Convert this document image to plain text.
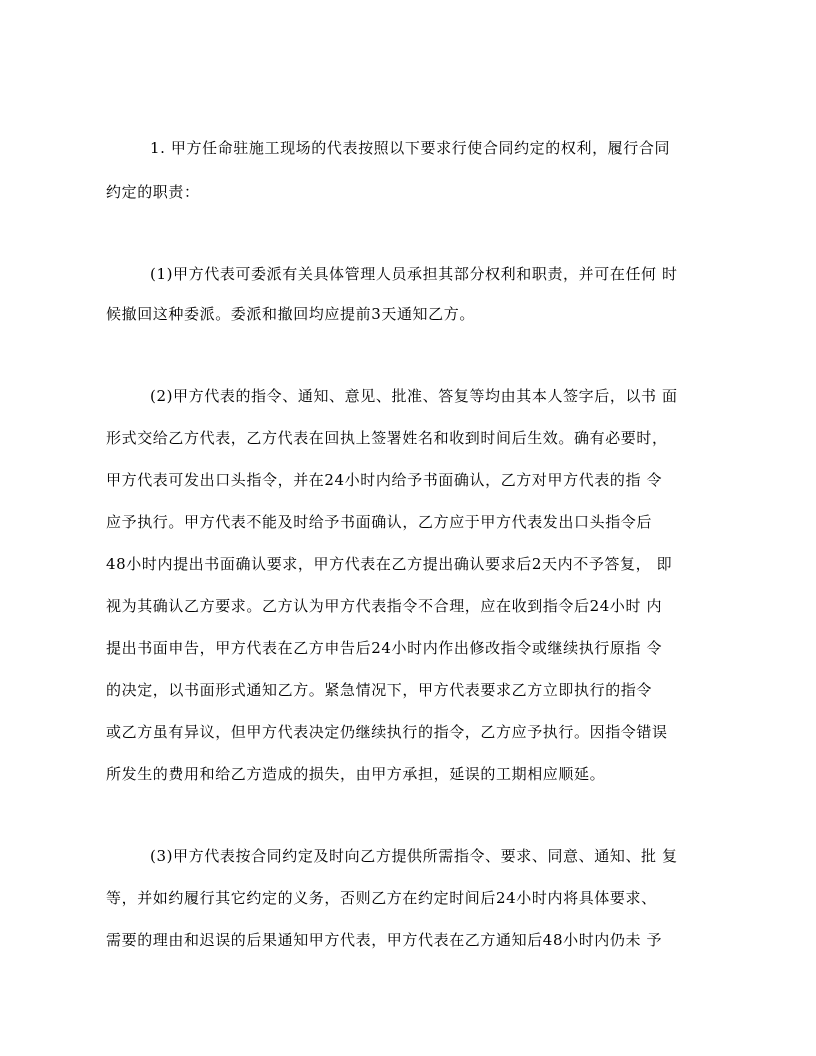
1. 甲方任命驻施工现场的代表按照以下要求行使合同约定的权利，履行合同
约定的职责：
(1)甲方代表可委派有关具体管理人员承担其部分权利和职责，并可在任何 时
候撤回这种委派。委派和撤回均应提前3天通知乙方。
(2)甲方代表的指令、通知、意见、批准、答复等均由其本人签字后，以书 面
形式交给乙方代表，乙方代表在回执上签署姓名和收到时间后生效。确有必要时，
甲方代表可发出口头指令，并在24小时内给予书面确认，乙方对甲方代表的指 令
应予执行。甲方代表不能及时给予书面确认，乙方应于甲方代表发出口头指令后
48小时内提出书面确认要求，甲方代表在乙方提出确认要求后2天内不予答复， 即
视为其确认乙方要求。乙方认为甲方代表指令不合理，应在收到指令后24小时 内
提出书面申告，甲方代表在乙方申告后24小时内作出修改指令或继续执行原指 令
的决定，以书面形式通知乙方。紧急情况下，甲方代表要求乙方立即执行的指令
或乙方虽有异议，但甲方代表决定仍继续执行的指令，乙方应予执行。因指令错误
所发生的费用和给乙方造成的损失，由甲方承担，延误的工期相应顺延。
(3)甲方代表按合同约定及时向乙方提供所需指令、要求、同意、通知、批 复
等，并如约履行其它约定的义务，否则乙方在约定时间后24小时内将具体要求、
需要的理由和迟误的后果通知甲方代表，甲方代表在乙方通知后48小时内仍未 予
